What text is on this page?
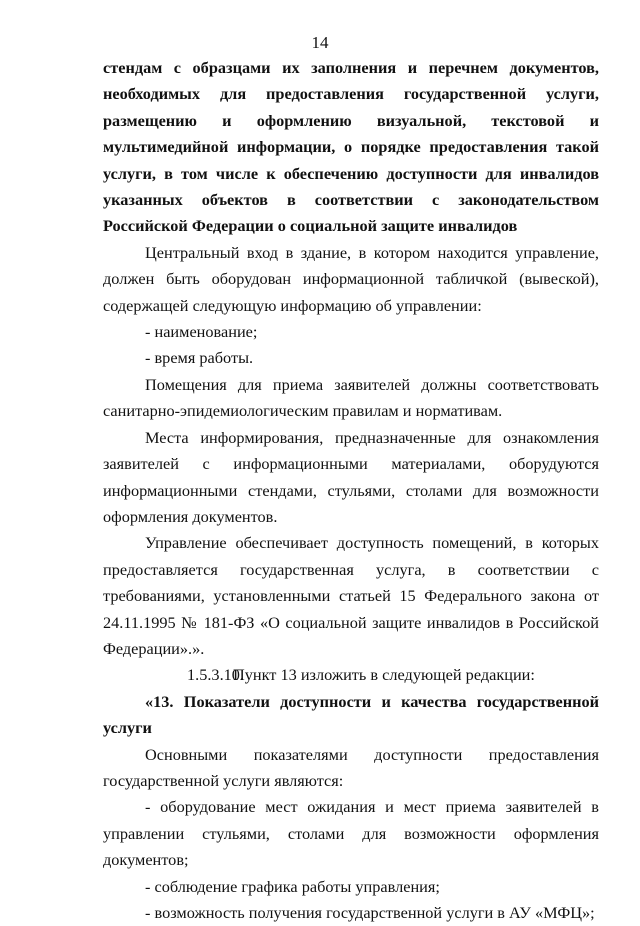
14

стендам с образцами их заполнения и перечнем документов, необходимых для предоставления государственной услуги, размещению и оформлению визуальной, текстовой и мультимедийной информации, о порядке предоставления такой услуги, в том числе к обеспечению доступности для инвалидов указанных объектов в соответствии с законодательством Российской Федерации о социальной защите инвалидов

Центральный вход в здание, в котором находится управление, должен быть оборудован информационной табличкой (вывеской), содержащей следующую информацию об управлении:

- наименование;

- время работы.

Помещения для приема заявителей должны соответствовать санитарно-эпидемиологическим правилам и нормативам.

Места информирования, предназначенные для ознакомления заявителей с информационными материалами, оборудуются информационными стендами, стульями, столами для возможности оформления документов.

Управление обеспечивает доступность помещений, в которых предоставляется государственная услуга, в соответствии с требованиями, установленными статьей 15 Федерального закона от 24.11.1995 № 181-ФЗ «О социальной защите инвалидов в Российской Федерации».».

1.5.3.10.Пункт 13 изложить в следующей редакции:

«13. Показатели доступности и качества государственной услуги

Основными показателями доступности предоставления государственной услуги являются:

- оборудование мест ожидания и мест приема заявителей в управлении стульями, столами для возможности оформления документов;

- соблюдение графика работы управления;

- возможность получения государственной услуги в АУ «МФЦ»;
